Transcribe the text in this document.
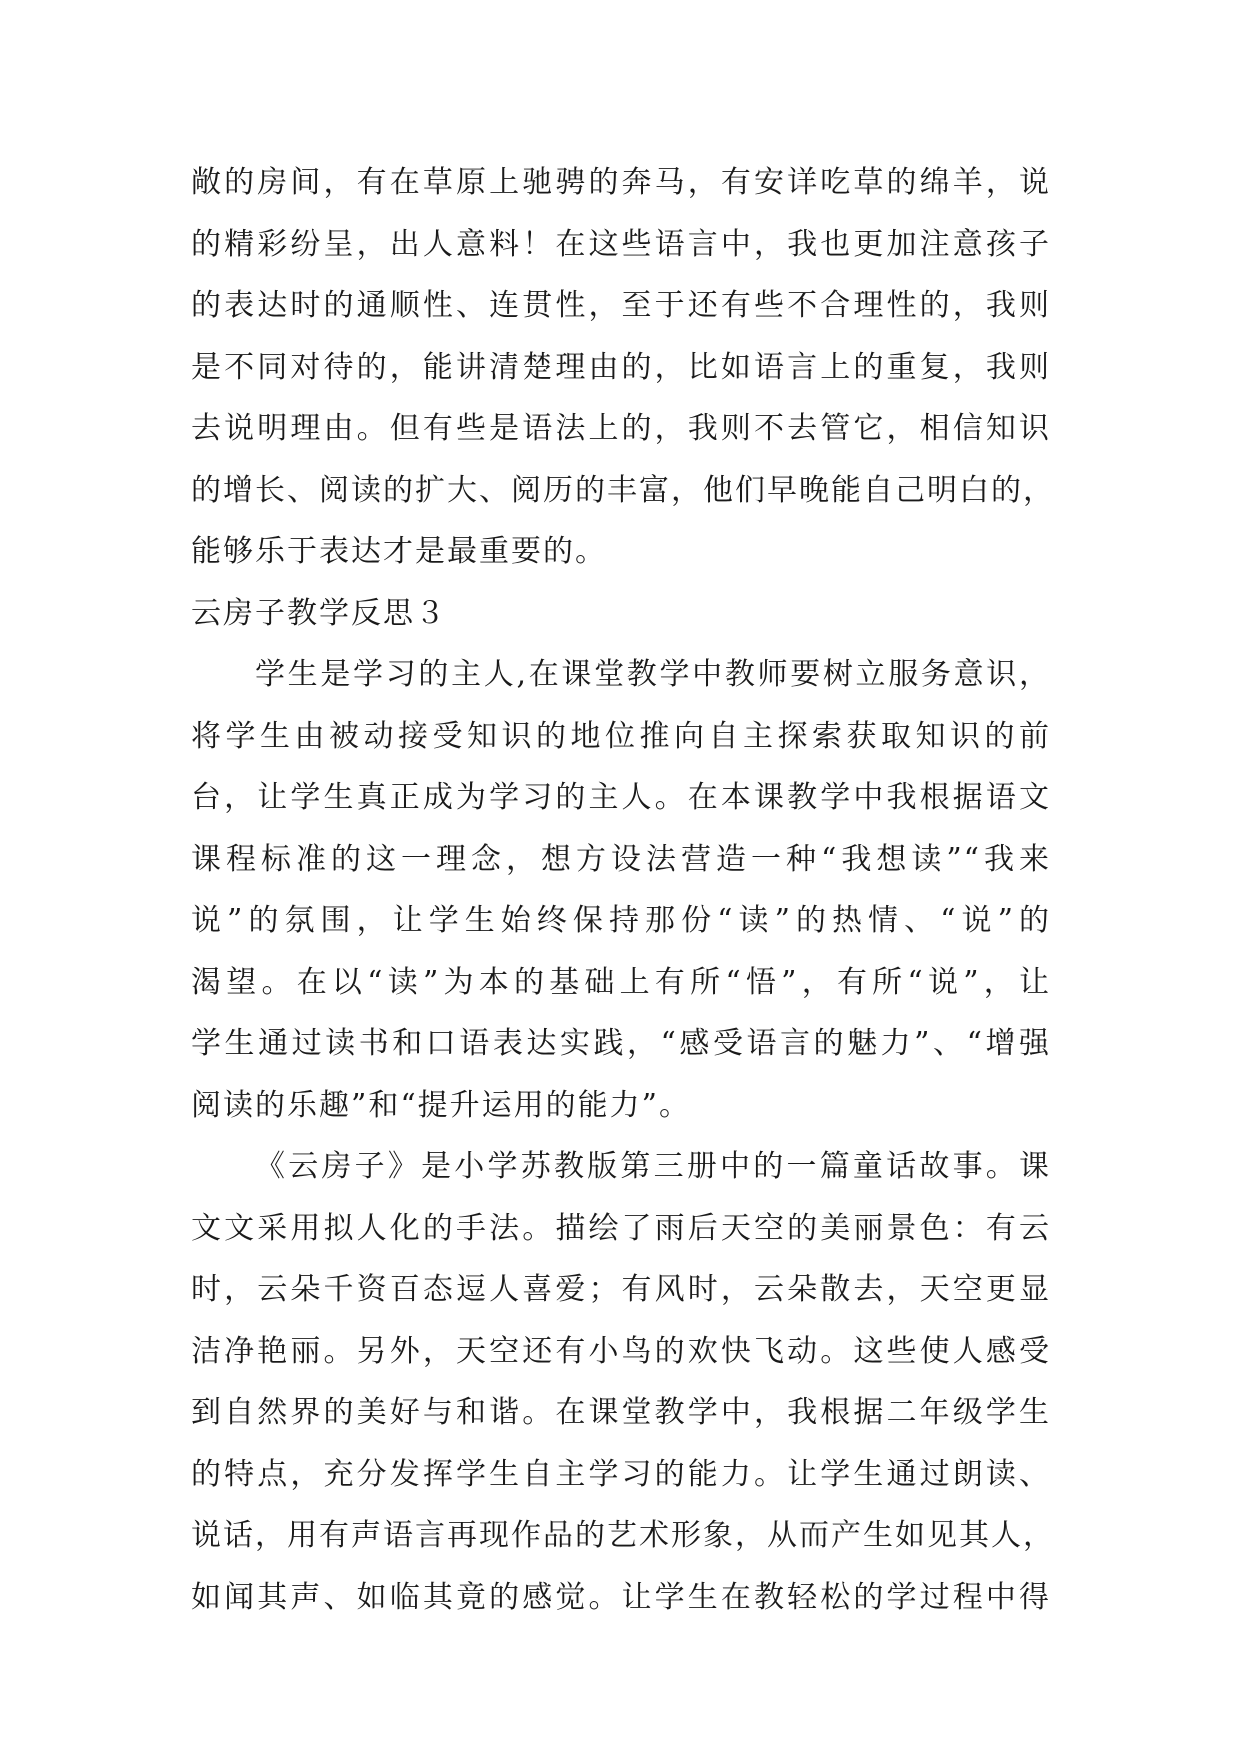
敞的房间，有在草原上驰骋的奔马，有安详吃草的绵羊，说
的精彩纷呈，出人意料！在这些语言中，我也更加注意孩子
的表达时的通顺性、连贯性，至于还有些不合理性的，我则
是不同对待的，能讲清楚理由的，比如语言上的重复，我则
去说明理由。但有些是语法上的，我则不去管它，相信知识
的增长、阅读的扩大、阅历的丰富，他们早晚能自己明白的，
能够乐于表达才是最重要的。
云房子教学反思３
学生是学习的主人,在课堂教学中教师要树立服务意识，
将学生由被动接受知识的地位推向自主探索获取知识的前
台，让学生真正成为学习的主人。在本课教学中我根据语文
课程标准的这一理念，想方设法营造一种“我想读”“我来
说”的氛围，让学生始终保持那份“读”的热情、“说”的
渴望。在以“读”为本的基础上有所“悟”，有所“说”，让
学生通过读书和口语表达实践，“感受语言的魅力”、“增强
阅读的乐趣”和“提升运用的能力”。
《云房子》是小学苏教版第三册中的一篇童话故事。课
文文采用拟人化的手法。描绘了雨后天空的美丽景色：有云
时，云朵千资百态逗人喜爱；有风时，云朵散去，天空更显
洁净艳丽。另外，天空还有小鸟的欢快飞动。这些使人感受
到自然界的美好与和谐。在课堂教学中，我根据二年级学生
的特点，充分发挥学生自主学习的能力。让学生通过朗读、
说话，用有声语言再现作品的艺术形象，从而产生如见其人，
如闻其声、如临其竟的感觉。让学生在教轻松的学过程中得
